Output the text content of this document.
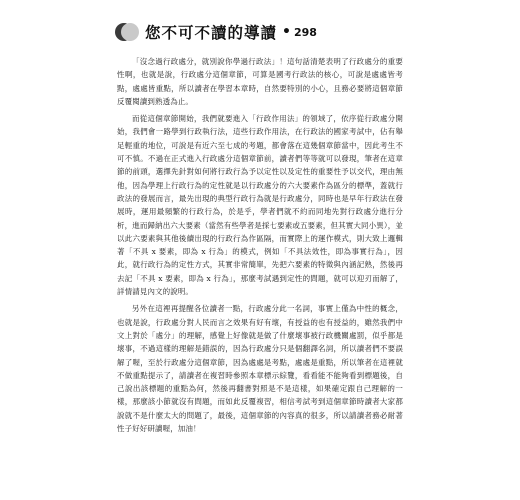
您不可不讀的導讀 • 298

「沒念過行政處分，就別說你學過行政法」！這句話清楚表明了行政處分的重要性啊，也就是說，行政處分這個章節，可算是國考行政法的核心，可說是處處皆考點，處處皆重點，所以讀者在學習本章時，自然要特別的小心，且務必要將這個章節反覆閱讀到熟透為止。

而從這個章節開始，我們就要進入「行政作用法」的領域了，依序從行政處分開始，我們會一路學到行政執行法，這些行政作用法，在行政法的國家考試中，佔有舉足輕重的地位，可說是有近六至七成的考題，都會落在這幾個章節當中，因此考生不可不慎。不過在正式進入行政處分這個章節前，讀者們等等就可以發現，筆者在這章節的前頭，選擇先針對如何將行政行為予以定性以及定性的重要性予以交代，理由無他，因為學理上行政行為的定性就是以行政處分的六大要素作為區分的標準，蓋就行政法的發展而言，最先出現的典型行政行為就是行政處分，同時也是早年行政法在發展時，運用最頻繁的行政行為，於是乎，學者們就不約而同地先對行政處分進行分析，進而歸納出六大要素（當然有些學者是採七要素或五要素，但其實大同小異），並以此六要素與其他後續出現的行政行為作區隔，而實際上的運作模式，則大致上邏輯著「不具 x 要素，即為 x 行為」的模式，例如「不具法效性，即為事實行為」，因此，就行政行為的定性方式，其實非常簡單，先把六要素的特徵與內涵記熟，然後再去記「不具 x 要素，即為 x 行為」，那麼考試遇到定性的問題，就可以迎刃而解了，詳情請見內文的說明。

另外在這裡再提醒各位讀者一點，行政處分此一名詞，事實上僅為中性的概念，也就是說，行政處分對人民而言之效果有好有壞，有授益的也有授益的，雖然我們中文上對於「處分」的理解，感覺上好像就是做了什麼壞事被行政機關處罰，似乎都是壞事，不過這樣的理解是錯誤的，因為行政處分只是個翻譯名詞，所以讀者們不要誤解了喔，至於行政處分這個章節，因為處處是考點，處處是重點，所以筆者在這裡就不做重點提示了，請讀者在複習時參照本章標示綜覽，看看能不能夠看到標題後，自己說出該標題的重點為何，然後再翻書對照是不是這樣，如果確定跟自己理解的一樣，那麼該小節就沒有問題，而如此反覆複習，相信考試考到這個章節時讀者大家都說就不是什麼太大的問題了，最後，這個章節的內容真的很多，所以請讀者務必耐著性子好好研讀喔，加油！
